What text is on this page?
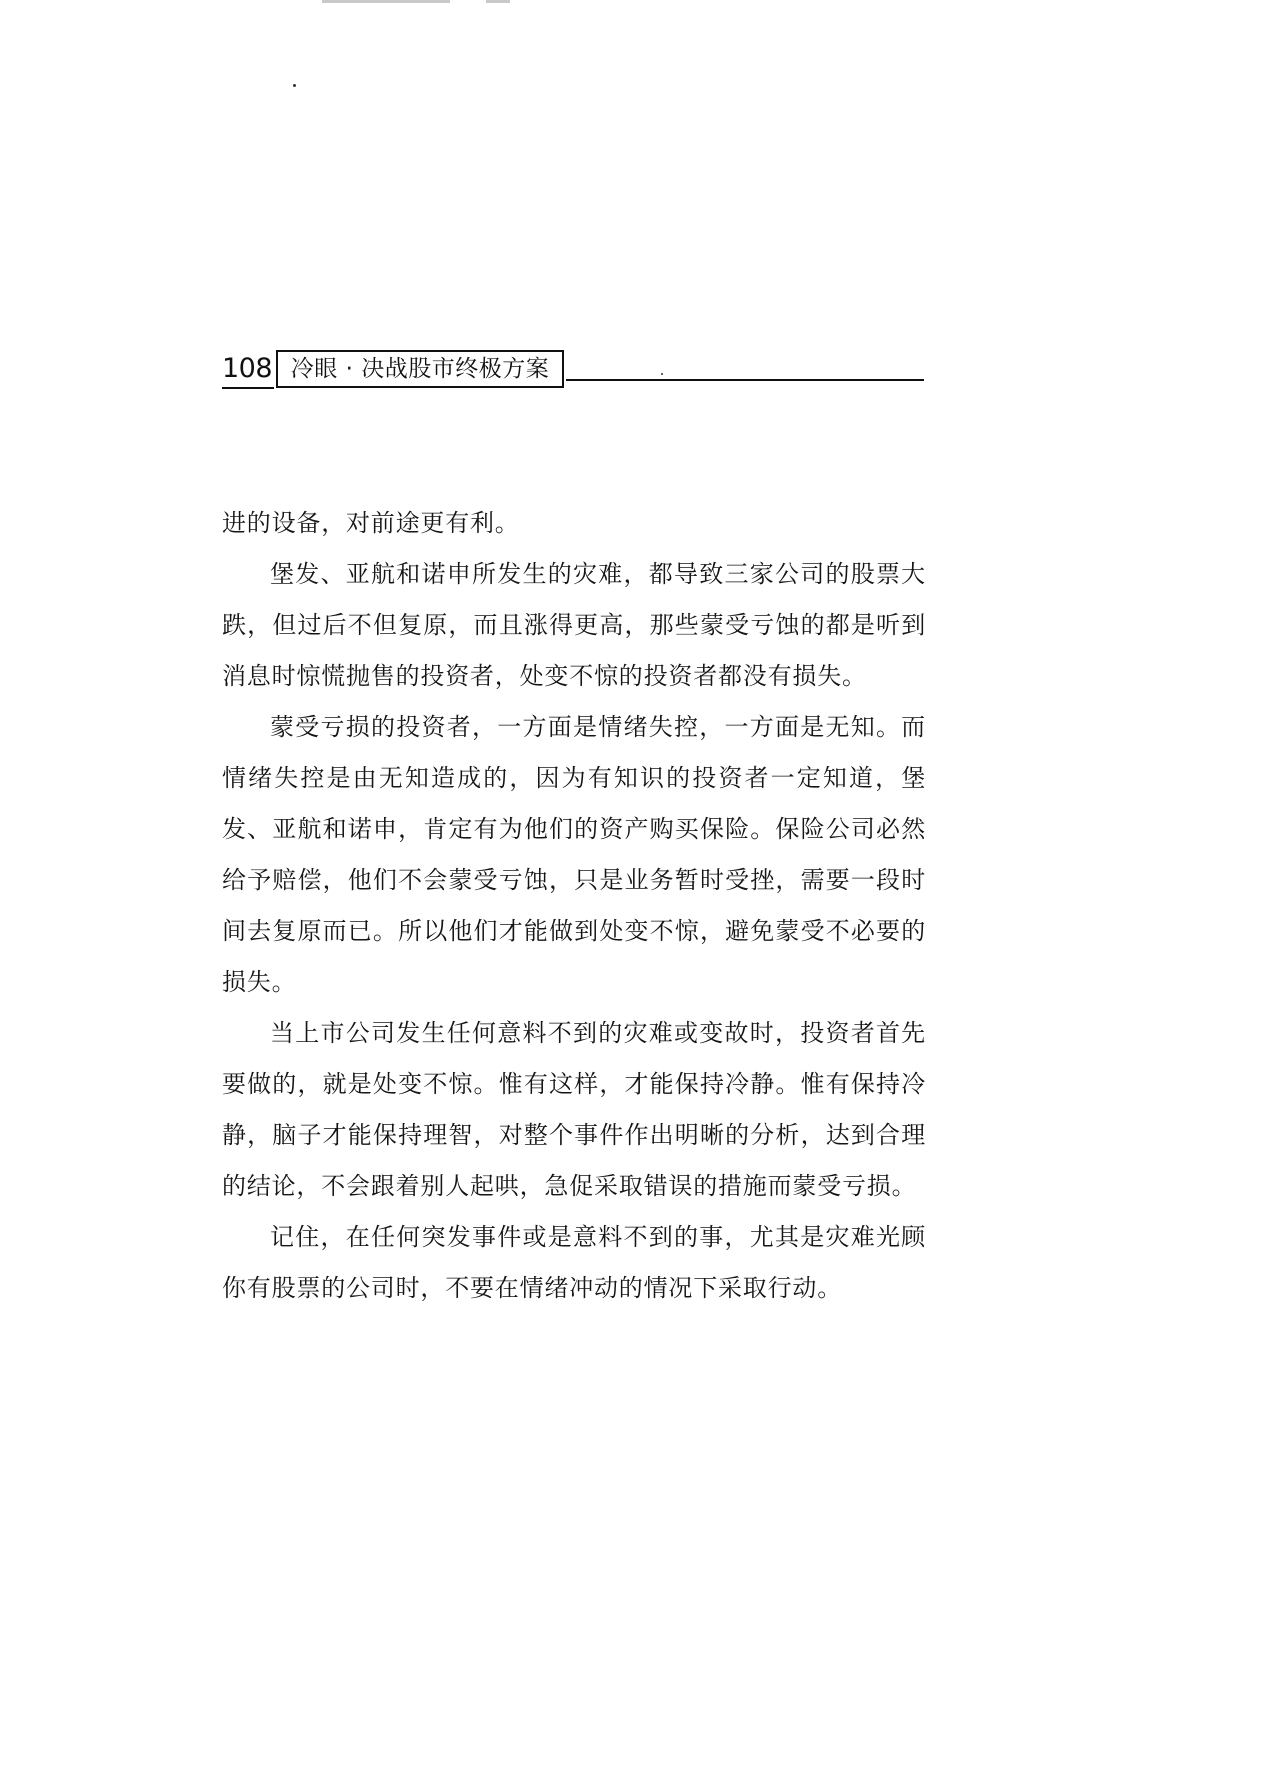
108 冷眼 · 决战股市终极方案

进的设备，对前途更有利。

堡发、亚航和诺申所发生的灾难，都导致三家公司的股票大跌，但过后不但复原，而且涨得更高，那些蒙受亏蚀的都是听到消息时惊慌抛售的投资者，处变不惊的投资者都没有损失。

蒙受亏损的投资者，一方面是情绪失控，一方面是无知。而情绪失控是由无知造成的，因为有知识的投资者一定知道，堡发、亚航和诺申，肯定有为他们的资产购买保险。保险公司必然给予赔偿，他们不会蒙受亏蚀，只是业务暂时受挫，需要一段时间去复原而已。所以他们才能做到处变不惊，避免蒙受不必要的损失。

当上市公司发生任何意料不到的灾难或变故时，投资者首先要做的，就是处变不惊。惟有这样，才能保持冷静。惟有保持冷静，脑子才能保持理智，对整个事件作出明晰的分析，达到合理的结论，不会跟着别人起哄，急促采取错误的措施而蒙受亏损。

记住，在任何突发事件或是意料不到的事，尤其是灾难光顾你有股票的公司时，不要在情绪冲动的情况下采取行动。
